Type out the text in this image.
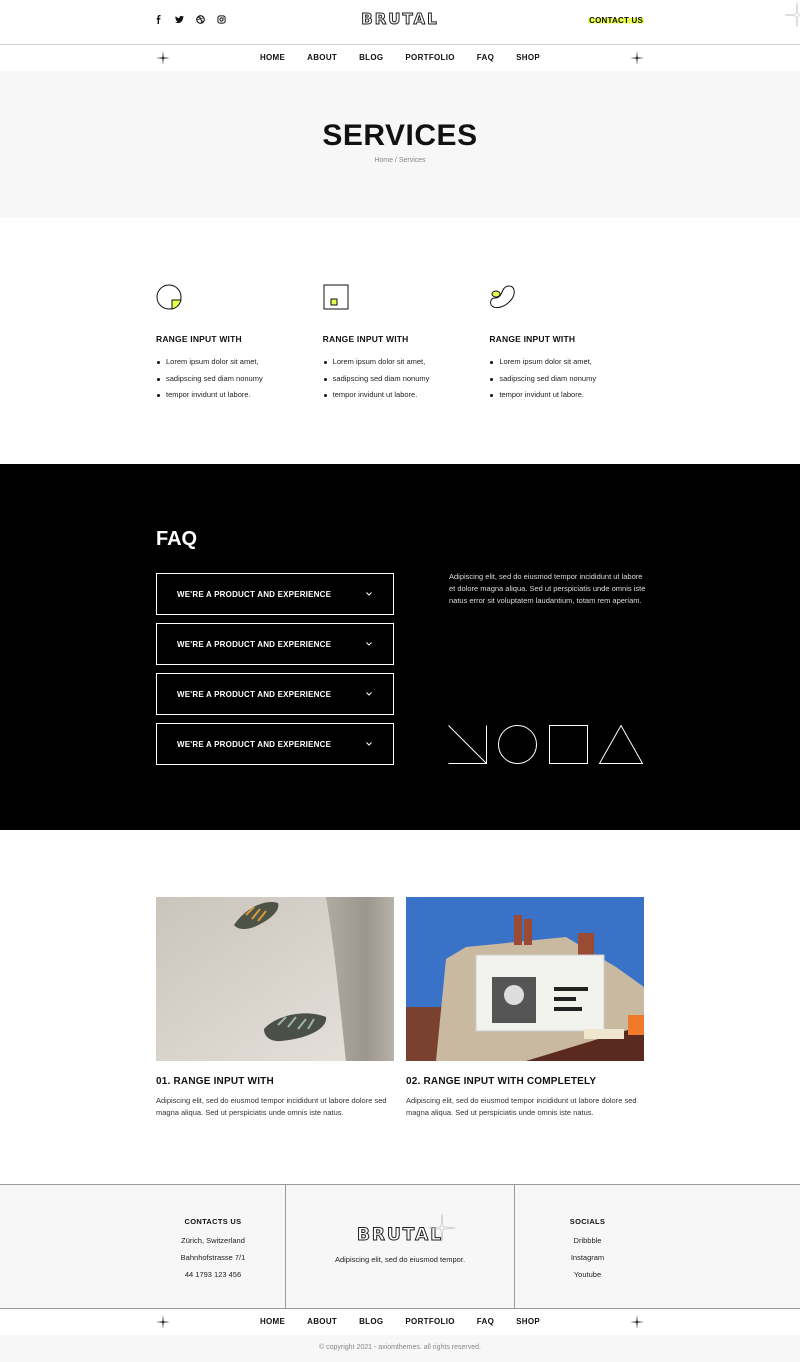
BRUTAL	CONTACT US
HOME	ABOUT	BLOG	PORTFOLIO	FAQ	SHOP
SERVICES
Home / Services
RANGE INPUT WITH
Lorem ipsum dolor sit amet,
sadipscing sed diam nonumy
tempor invidunt ut labore.
RANGE INPUT WITH
Lorem ipsum dolor sit amet,
sadipscing sed diam nonumy
tempor invidunt ut labore.
RANGE INPUT WITH
Lorem ipsum dolor sit amet,
sadipscing sed diam nonumy
tempor invidunt ut labore.
FAQ
WE'RE A PRODUCT AND EXPERIENCE
WE'RE A PRODUCT AND EXPERIENCE
WE'RE A PRODUCT AND EXPERIENCE
WE'RE A PRODUCT AND EXPERIENCE

Adipiscing elit, sed do eiusmod tempor incididunt ut labore et dolore magna aliqua. Sed ut perspiciatis unde omnis iste natus error sit voluptatem laudantium, totam rem aperiam.

01. RANGE INPUT WITH

Adipiscing elit, sed do eiusmod tempor incididunt ut labore dolore sed magna aliqua. Sed ut perspiciatis unde omnis iste natus.

02. RANGE INPUT WITH COMPLETELY

Adipiscing elit, sed do eiusmod tempor incididunt ut labore dolore sed magna aliqua. Sed ut perspiciatis unde omnis iste natus.

CONTACTS US
Zürich, Switzerland
Bahnhofstrasse 7/1
44 1793 123 456
BRUTAL
Adipiscing elit, sed do eiusmod tempor.
SOCIALS
Dribbble
Instagram
Youtube
HOME	ABOUT	BLOG	PORTFOLIO	FAQ	SHOP
© copyright 2021 - axiomthemes. all rights reserved.
